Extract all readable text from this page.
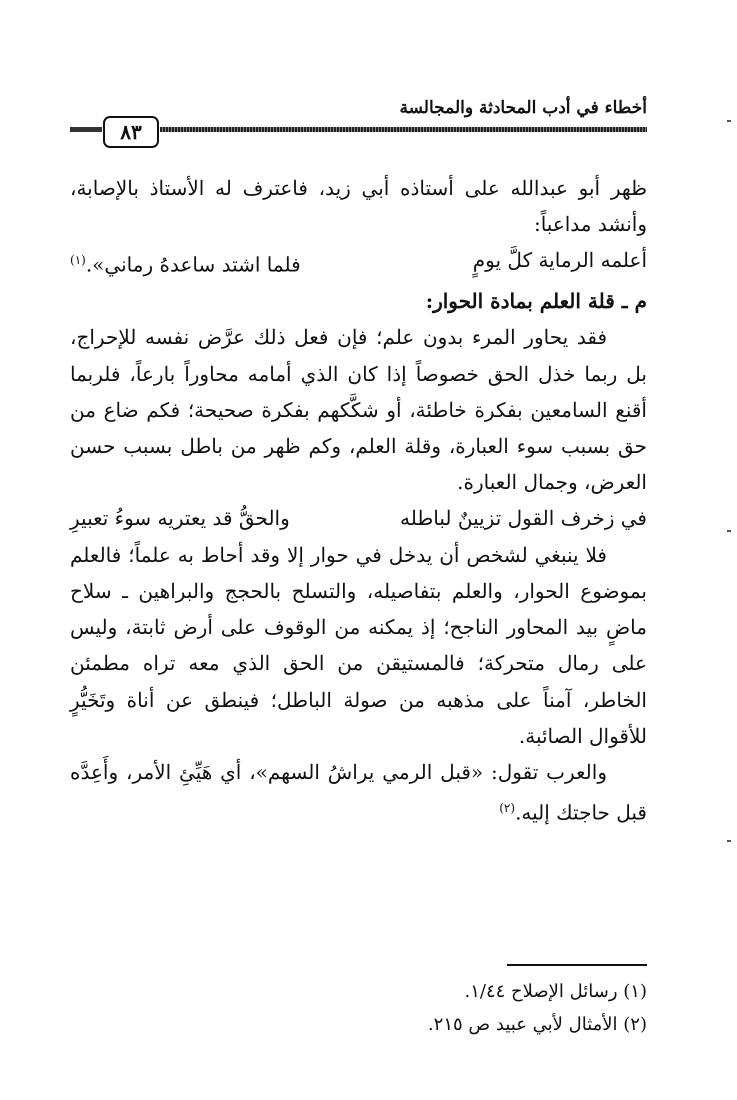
أخطاء في أدب المحادثة والمجالسة
٨٣

ظهر أبو عبدالله على أستاذه أبي زيد، فاعترف له الأستاذ بالإصابة، وأنشد مداعباً:

أعلمه الرماية كلَّ يومٍ
فلما اشتد ساعدهُ رماني».$^{(١)}$

م ـ قلة العلم بمادة الحوار:

فقد يحاور المرء بدون علم؛ فإن فعل ذلك عرَّض نفسه للإحراج، بل ربما خذل الحق خصوصاً إذا كان الذي أمامه محاوراً بارعاً، فلربما أقنع السامعين بفكرة خاطئة، أو شكَّكهم بفكرة صحيحة؛ فكم ضاع من حق بسبب سوء العبارة، وقلة العلم، وكم ظهر من باطل بسبب حسن العرض، وجمال العبارة.

في زخرف القول تزيينٌ لباطله
والحقُّ قد يعتريه سوءُ تعبيرِ

فلا ينبغي لشخص أن يدخل في حوار إلا وقد أحاط به علماً؛ فالعلم بموضوع الحوار، والعلم بتفاصيله، والتسلح بالحجج والبراهين ـ سلاح ماضٍ بيد المحاور الناجح؛ إذ يمكنه من الوقوف على أرض ثابتة، وليس على رمال متحركة؛ فالمستيقن من الحق الذي معه تراه مطمئن الخاطر، آمناً على مذهبه من صولة الباطل؛ فينطق عن أناة وتَخَيُّرٍ للأقوال الصائبة.

والعرب تقول: «قبل الرمي يراشُ السهم»، أي هَيِّئِ الأمر، وأَعِدَّه قبل حاجتك إليه.$^{(٢)}$

(١) رسائل الإصلاح ١/٤٤.

(٢) الأمثال لأبي عبيد ص ٢١٥.
